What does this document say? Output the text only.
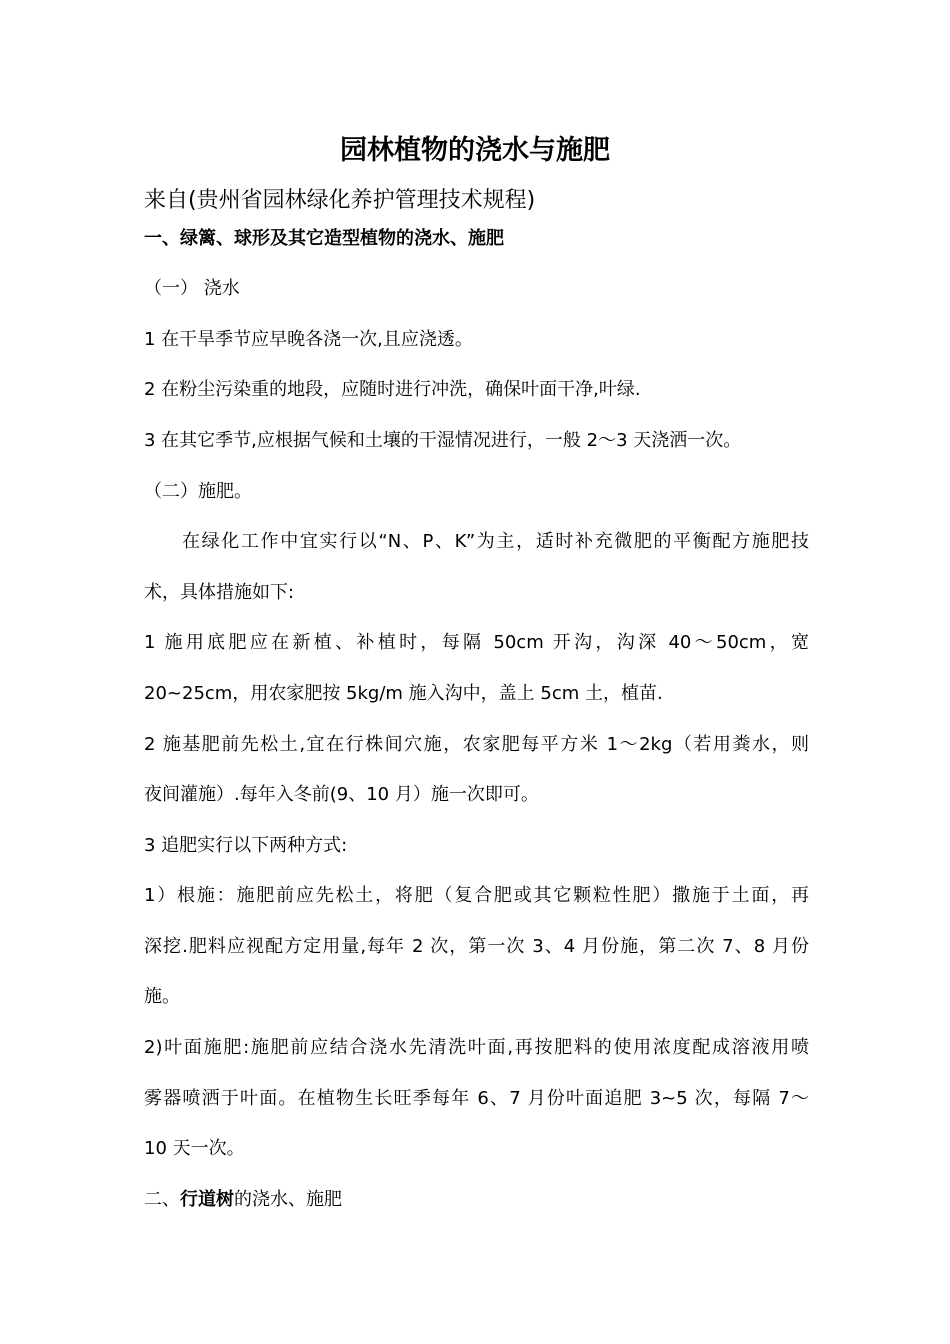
园林植物的浇水与施肥
来自(贵州省园林绿化养护管理技术规程)
一、绿篱、球形及其它造型植物的浇水、施肥
（一） 浇水
1 在干旱季节应早晚各浇一次,且应浇透。
2 在粉尘污染重的地段，应随时进行冲洗，确保叶面干净,叶绿.
3 在其它季节,应根据气候和土壤的干湿情况进行，一般 2～3 天浇洒一次。
（二）施肥。
在绿化工作中宜实行以“N、P、K”为主，适时补充微肥的平衡配方施肥技
术，具体措施如下:
1 施用底肥应在新植、补植时，每隔 50cm 开沟，沟深 40～50cm，宽
20~25cm，用农家肥按 5kg/m 施入沟中，盖上 5cm 土，植苗.
2 施基肥前先松土,宜在行株间穴施，农家肥每平方米 1～2kg（若用粪水，则
夜间灌施）.每年入冬前(9、10 月）施一次即可。
3 追肥实行以下两种方式:
1）根施：施肥前应先松土，将肥（复合肥或其它颗粒性肥）撒施于土面，再
深挖.肥料应视配方定用量,每年 2 次，第一次 3、4 月份施，第二次 7、8 月份
施。
2)叶面施肥:施肥前应结合浇水先清洗叶面,再按肥料的使用浓度配成溶液用喷
雾器喷洒于叶面。在植物生长旺季每年 6、7 月份叶面追肥 3~5 次，每隔 7～
10 天一次。
二、行道树的浇水、施肥
